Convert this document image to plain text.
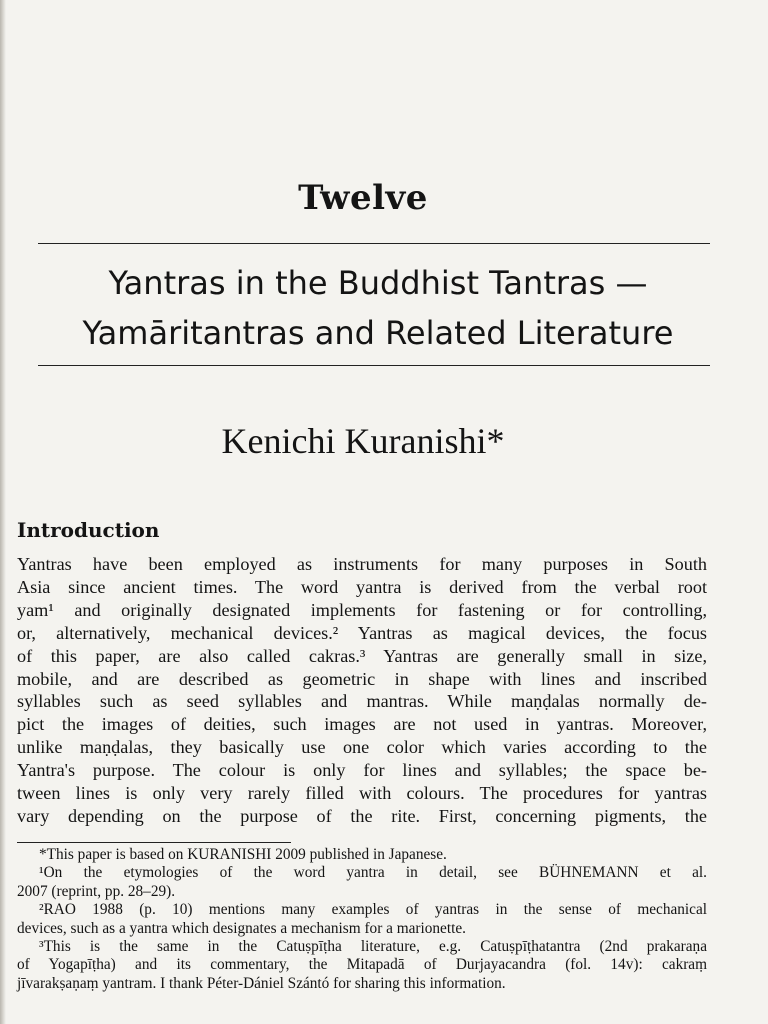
Twelve
Yantras in the Buddhist Tantras —
Yamāritantras and Related Literature
Kenichi Kuranishi*
Introduction
Yantras have been employed as instruments for many purposes in South
Asia since ancient times. The word yantra is derived from the verbal root
yam¹ and originally designated implements for fastening or for controlling,
or, alternatively, mechanical devices.² Yantras as magical devices, the focus
of this paper, are also called cakras.³ Yantras are generally small in size,
mobile, and are described as geometric in shape with lines and inscribed
syllables such as seed syllables and mantras. While maṇḍalas normally de-
pict the images of deities, such images are not used in yantras. Moreover,
unlike maṇḍalas, they basically use one color which varies according to the
Yantra's purpose. The colour is only for lines and syllables; the space be-
tween lines is only very rarely filled with colours. The procedures for yantras
vary depending on the purpose of the rite. First, concerning pigments, the
*This paper is based on KURANISHI 2009 published in Japanese.
¹On the etymologies of the word yantra in detail, see BÜHNEMANN et al.
2007 (reprint, pp. 28–29).
²RAO 1988 (p. 10) mentions many examples of yantras in the sense of mechanical
devices, such as a yantra which designates a mechanism for a marionette.
³This is the same in the Catuṣpīṭha literature, e.g. Catuṣpīṭhatantra (2nd prakaraṇa
of Yogapīṭha) and its commentary, the Mitapadā of Durjayacandra (fol. 14v): cakraṃ
jīvarakṣaṇaṃ yantram. I thank Péter-Dániel Szántó for sharing this information.
